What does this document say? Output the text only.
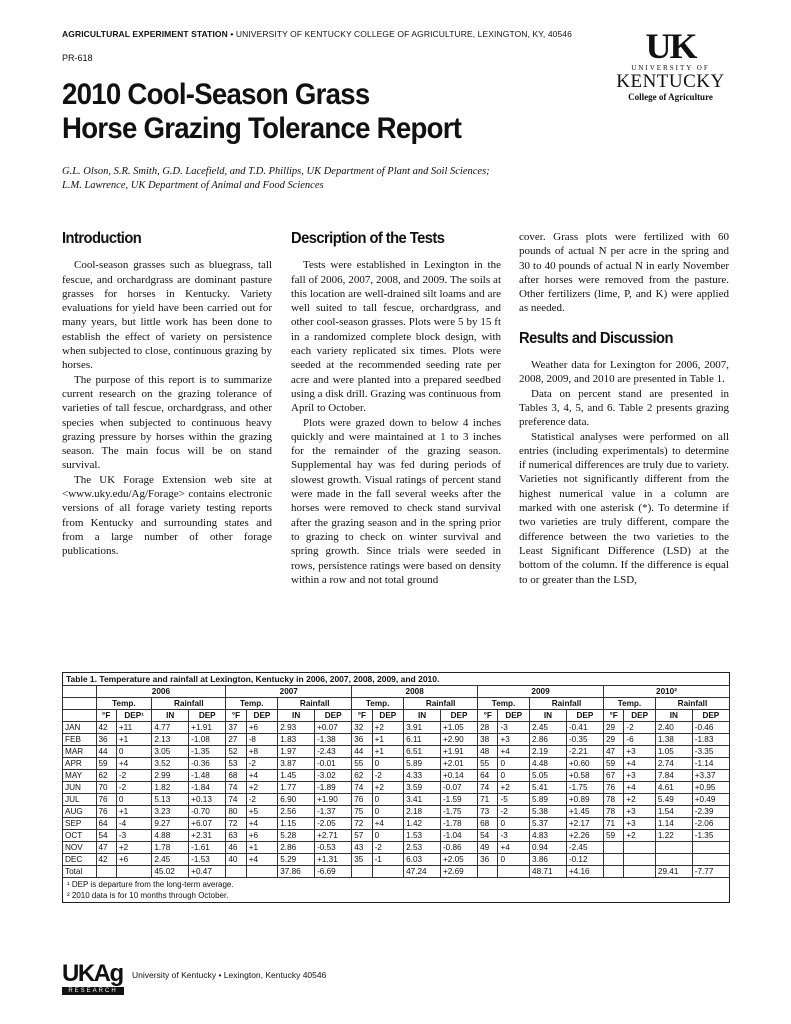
AGRICULTURAL EXPERIMENT STATION • UNIVERSITY OF KENTUCKY COLLEGE OF AGRICULTURE, LEXINGTON, KY, 40546
PR-618
2010 Cool-Season Grass
Horse Grazing Tolerance Report
G.L. Olson, S.R. Smith, G.D. Lacefield, and T.D. Phillips, UK Department of Plant and Soil Sciences;
L.M. Lawrence, UK Department of Animal and Food Sciences
UK
UNIVERSITY OF
KENTUCKY
College of Agriculture
Introduction

Cool-season grasses such as bluegrass, tall fescue, and orchardgrass are dominant pasture grasses for horses in Kentucky. Variety evaluations for yield have been carried out for many years, but little work has been done to establish the effect of variety on persistence when subjected to close, continuous grazing by horses.

The purpose of this report is to summarize current research on the grazing tolerance of varieties of tall fescue, orchardgrass, and other species when subjected to continuous heavy grazing pressure by horses within the grazing season. The main focus will be on stand survival.

The UK Forage Extension web site at <www.uky.edu/Ag/Forage> contains electronic versions of all forage variety testing reports from Kentucky and surrounding states and from a large number of other forage publications.

Description of the Tests

Tests were established in Lexington in the fall of 2006, 2007, 2008, and 2009. The soils at this location are well-drained silt loams and are well suited to tall fescue, orchardgrass, and other cool-season grasses. Plots were 5 by 15 ft in a randomized complete block design, with each variety replicated six times. Plots were seeded at the recommended seeding rate per acre and were planted into a prepared seedbed using a disk drill. Grazing was continuous from April to October.

Plots were grazed down to below 4 inches quickly and were maintained at 1 to 3 inches for the remainder of the grazing season. Supplemental hay was fed during periods of slowest growth. Visual ratings of percent stand were made in the fall several weeks after the horses were removed to check stand survival after the grazing season and in the spring prior to grazing to check on winter survival and spring growth. Since trials were seeded in rows, persistence ratings were based on density within a row and not total ground

cover. Grass plots were fertilized with 60 pounds of actual N per acre in the spring and 30 to 40 pounds of actual N in early November after horses were removed from the pasture. Other fertilizers (lime, P, and K) were applied as needed.

Results and Discussion

Weather data for Lexington for 2006, 2007, 2008, 2009, and 2010 are presented in Table 1.

Data on percent stand are presented in Tables 3, 4, 5, and 6. Table 2 presents grazing preference data.

Statistical analyses were performed on all entries (including experimentals) to determine if numerical differences are truly due to variety. Varieties not significantly different from the highest numerical value in a column are marked with one asterisk (*). To determine if two varieties are truly different, compare the difference between the two varieties to the Least Significant Difference (LSD) at the bottom of the column. If the difference is equal to or greater than the LSD,

Table 1. Temperature and rainfall at Lexington, Kentucky in 2006, 2007, 2008, 2009, and 2010.
	2006				2007				2008				2009				2010²			
	Temp.		Rainfall		Temp.		Rainfall		Temp.		Rainfall		Temp.		Rainfall		Temp.		Rainfall	
	°F	DEP¹	IN	DEP	°F	DEP	IN	DEP	°F	DEP	IN	DEP	°F	DEP	IN	DEP	°F	DEP	IN	DEP
JAN	42	+11	4.77	+1.91	37	+6	2.93	+0.07	32	+2	3.91	+1.05	28	-3	2.45	-0.41	29	-2	2.40	-0.46
FEB	36	+1	2.13	-1.08	27	-8	1.83	-1.38	36	+1	6.11	+2.90	38	+3	2.86	-0.35	29	-6	1.38	-1.83
MAR	44	0	3.05	-1.35	52	+8	1.97	-2.43	44	+1	6.51	+1.91	48	+4	2.19	-2.21	47	+3	1.05	-3.35
APR	59	+4	3.52	-0.36	53	-2	3.87	-0.01	55	0	5.89	+2.01	55	0	4.48	+0.60	59	+4	2.74	-1.14
MAY	62	-2	2.99	-1.48	68	+4	1.45	-3.02	62	-2	4.33	+0.14	64	0	5.05	+0.58	67	+3	7.84	+3.37
JUN	70	-2	1.82	-1.84	74	+2	1.77	-1.89	74	+2	3.59	-0.07	74	+2	5.41	-1.75	76	+4	4.61	+0.95
JUL	76	0	5.13	+0.13	74	-2	6.90	+1.90	76	0	3.41	-1.59	71	-5	5.89	+0.89	78	+2	5.49	+0.49
AUG	76	+1	3.23	-0.70	80	+5	2.56	-1.37	75	0	2.18	-1.75	73	-2	5.38	+1.45	78	+3	1.54	-2.39
SEP	64	-4	9.27	+6.07	72	+4	1.15	-2.05	72	+4	1.42	-1.78	68	0	5.37	+2.17	71	+3	1.14	-2.06
OCT	54	-3	4.88	+2.31	63	+6	5.28	+2.71	57	0	1.53	-1.04	54	-3	4.83	+2.26	59	+2	1.22	-1.35
NOV	47	+2	1.78	-1.61	46	+1	2.86	-0.53	43	-2	2.53	-0.86	49	+4	0.94	-2.45				
DEC	42	+6	2.45	-1.53	40	+4	5.29	+1.31	35	-1	6.03	+2.05	36	0	3.86	-0.12				
Total			45.02	+0.47			37.86	-6.69			47.24	+2.69			48.71	+4.16			29.41	-7.77
¹ DEP is departure from the long-term average.
² 2010 data is for 10 months through October.
UKAg
RESEARCH
University of Kentucky • Lexington, Kentucky 40546
